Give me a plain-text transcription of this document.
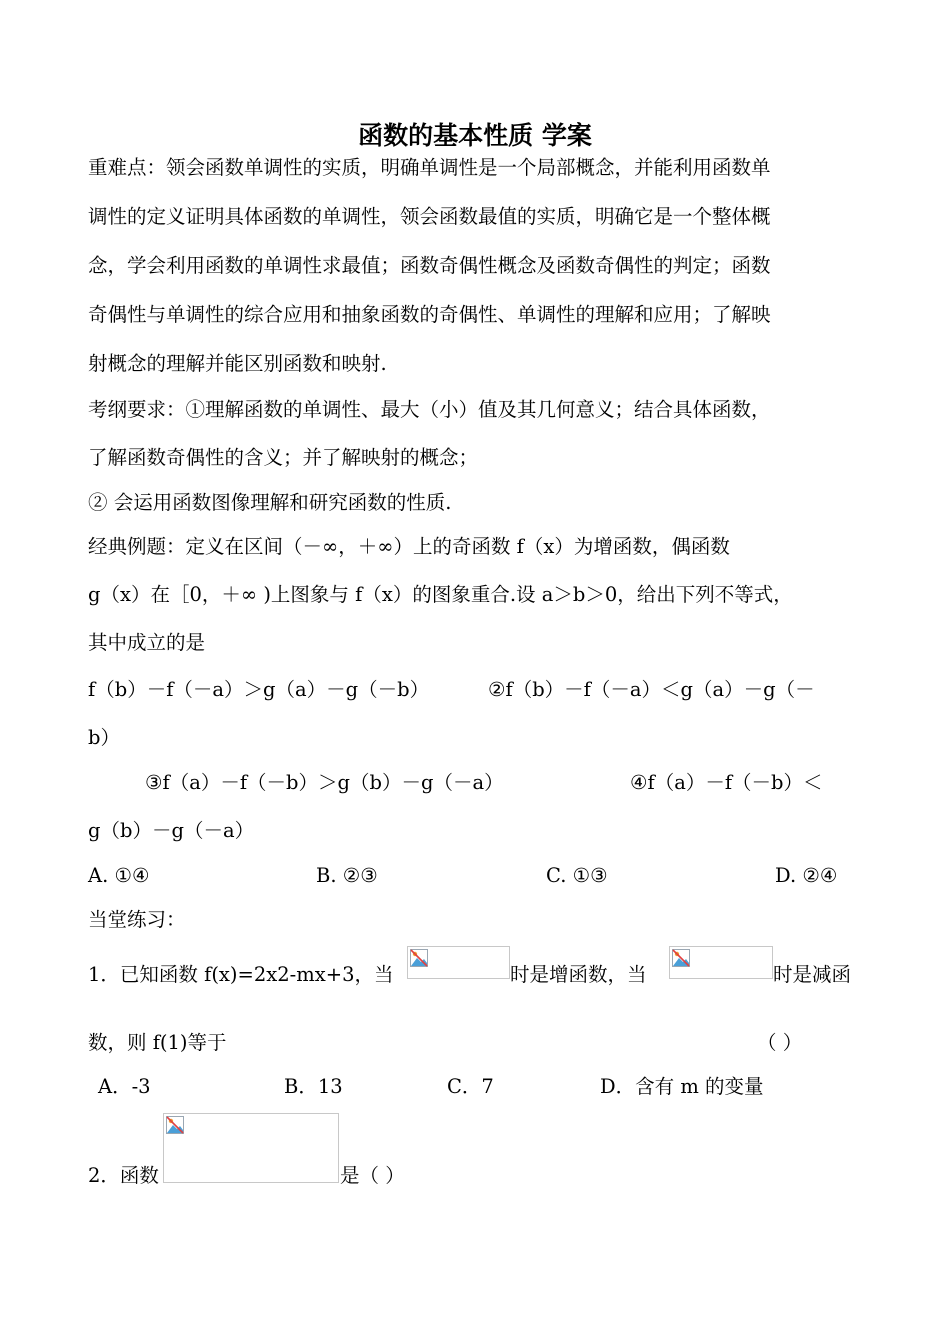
函数的基本性质 学案
重难点：领会函数单调性的实质，明确单调性是一个局部概念，并能利用函数单
调性的定义证明具体函数的单调性，领会函数最值的实质，明确它是一个整体概
念，学会利用函数的单调性求最值；函数奇偶性概念及函数奇偶性的判定；函数
奇偶性与单调性的综合应用和抽象函数的奇偶性、单调性的理解和应用；了解映
射概念的理解并能区别函数和映射.
考纲要求：①理解函数的单调性、最大（小）值及其几何意义；结合具体函数，
了解函数奇偶性的含义；并了解映射的概念；
② 会运用函数图像理解和研究函数的性质.
经典例题：定义在区间（－∞，＋∞）上的奇函数 f（x）为增函数，偶函数
g（x）在［0，＋∞ )上图象与 f（x）的图象重合.设 a＞b＞0，给出下列不等式，
其中成立的是
f（b）－f（－a）＞g（a）－g（－b）	②f（b）－f（－a）＜g（a）－g（－
b）
③f（a）－f（－b）＞g（b）－g（－a）	④f（a）－f（－b）＜
g（b）－g（－a）
A. ①④	B. ②③	C. ①③	D. ②④
当堂练习：
1．已知函数 f(x)=2x2-mx+3，当	时是增函数，当	时是减函
数，则 f(1)等于	（ ）
A．-3	B．13	C．7	D．含有 m 的变量
2．函数	是（ ）
